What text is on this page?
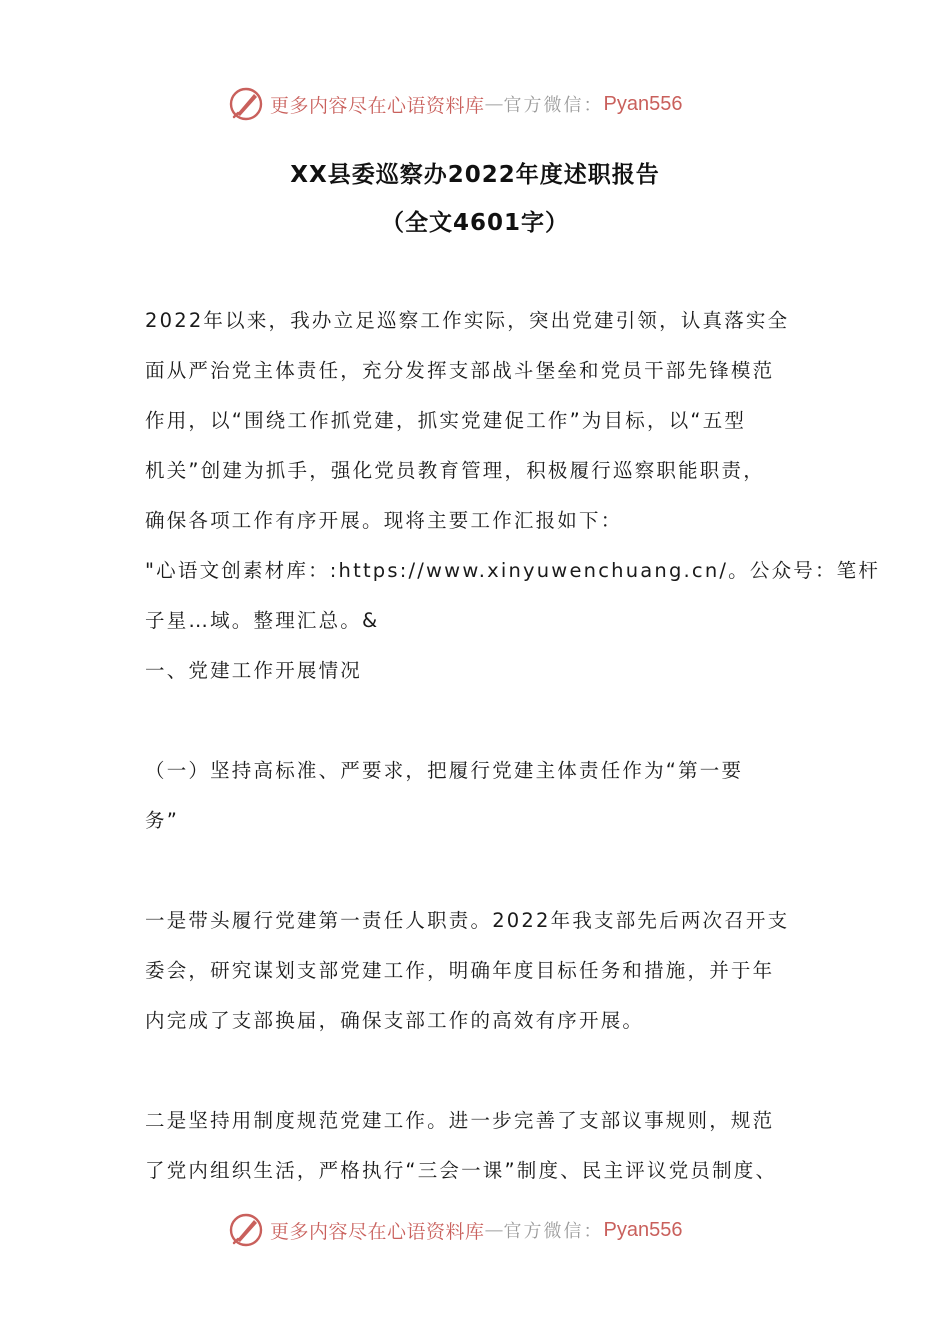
更多内容尽在心语资料库 — 官方微信： Pyan556
XX县委巡察办2022年度述职报告
（全文4601字）
2022年以来，我办立足巡察工作实际，突出党建引领，认真落实全
面从严治党主体责任，充分发挥支部战斗堡垒和党员干部先锋模范
作用，以“围绕工作抓党建，抓实党建促工作”为目标，以“五型
机关”创建为抓手，强化党员教育管理，积极履行巡察职能职责，
确保各项工作有序开展。现将主要工作汇报如下：
"心语文创素材库：:https://www.xinyuwenchuang.cn/。公众号：笔杆
子星…域。整理汇总。&
一、党建工作开展情况
（一）坚持高标准、严要求，把履行党建主体责任作为“第一要
务”
一是带头履行党建第一责任人职责。2022年我支部先后两次召开支
委会，研究谋划支部党建工作，明确年度目标任务和措施，并于年
内完成了支部换届，确保支部工作的高效有序开展。
二是坚持用制度规范党建工作。进一步完善了支部议事规则，规范
了党内组织生活，严格执行“三会一课”制度、民主评议党员制度、
更多内容尽在心语资料库 — 官方微信： Pyan556
